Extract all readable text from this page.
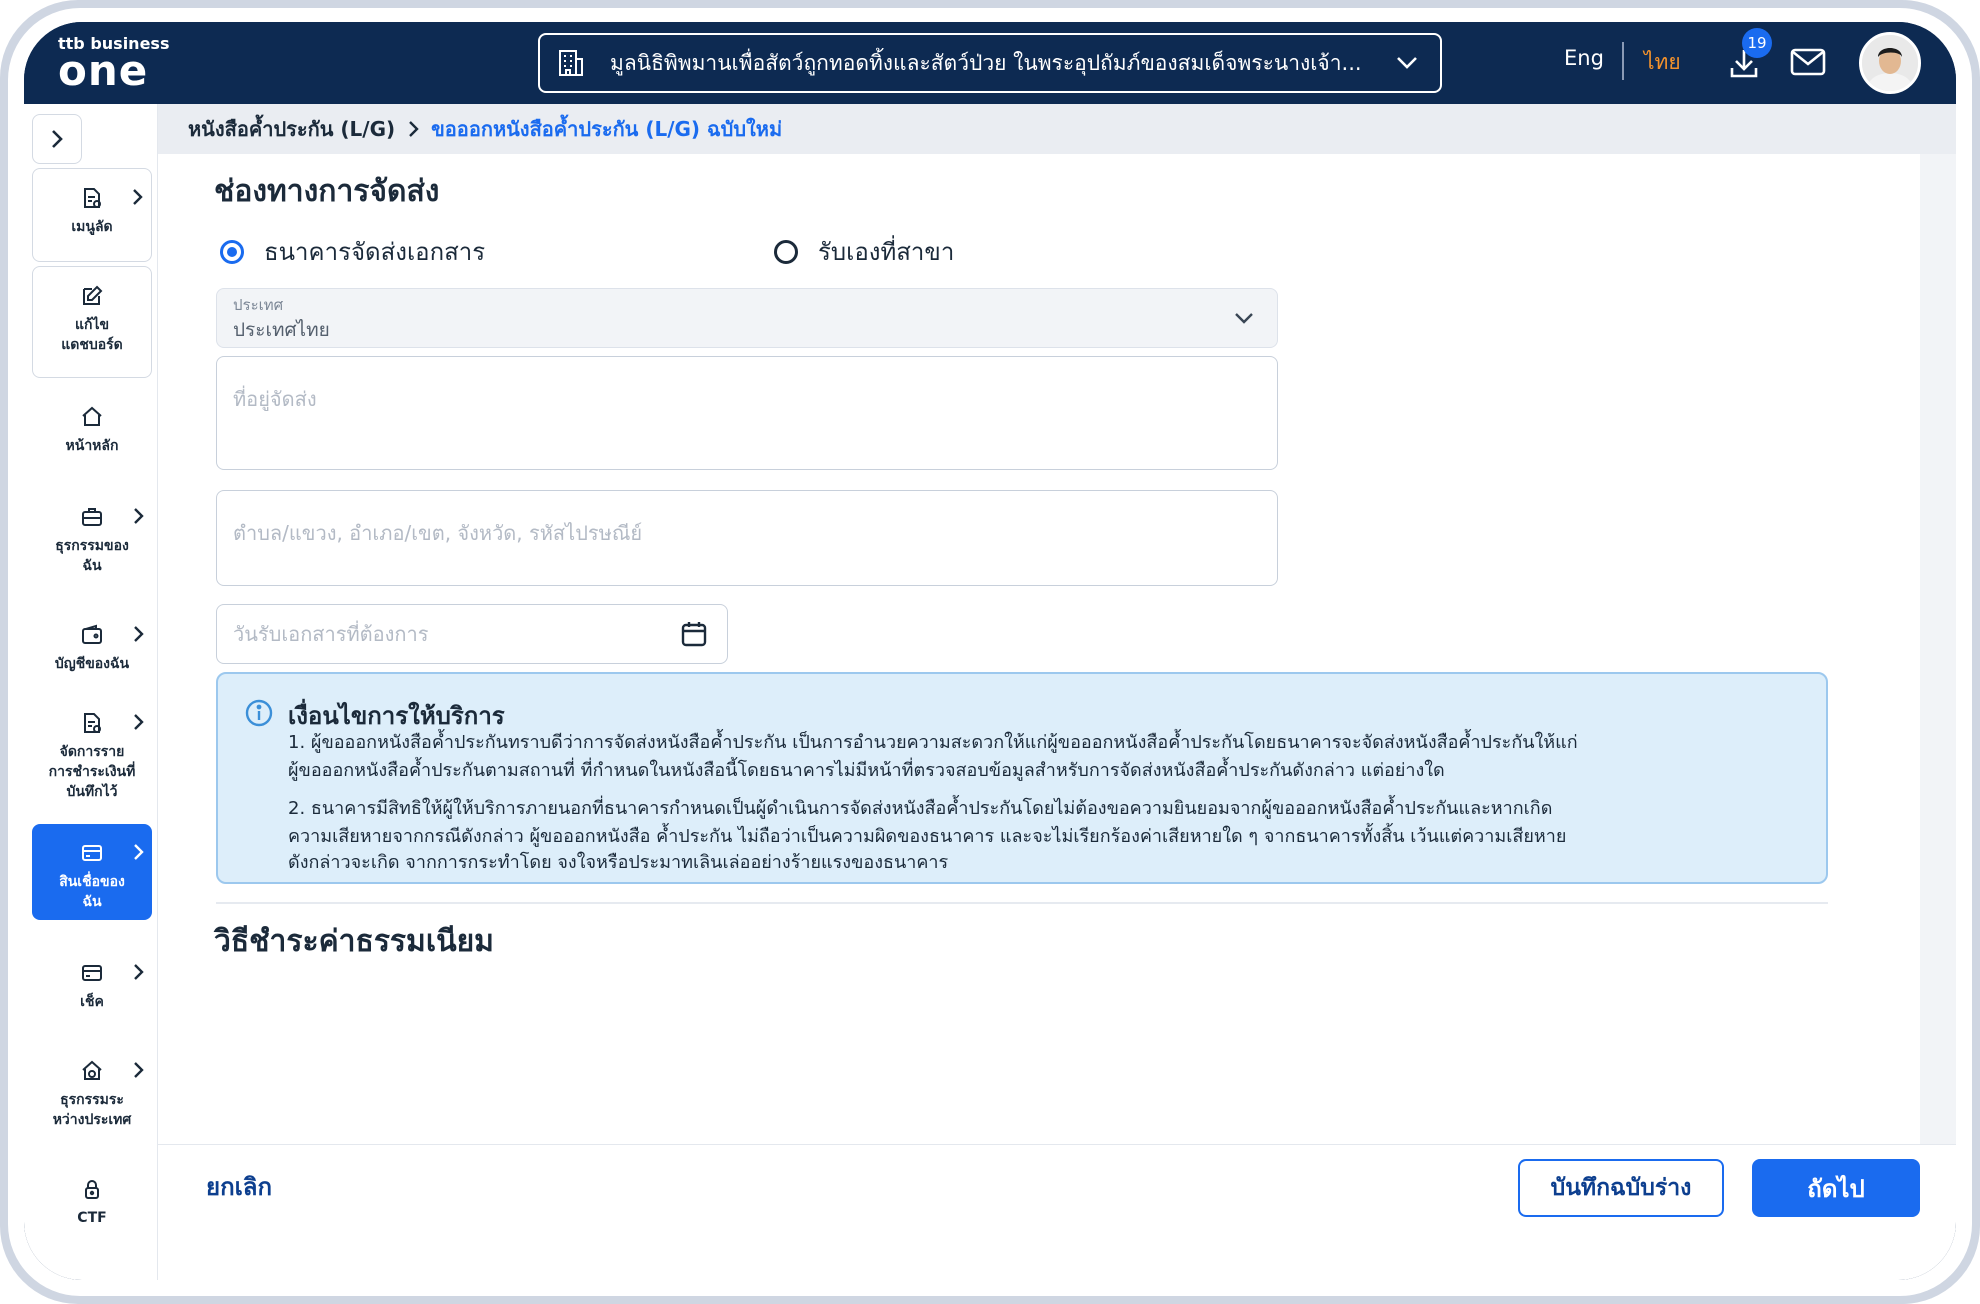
ttb business
one	มูลนิธิพิพมานเพื่อสัตว์ถูกทอดทิ้งและสัตว์ป่วย ในพระอุปถัมภ์ของสมเด็จพระนางเจ้า...	Eng ไทย
19
เมนูลัด
แก้ไข
แดชบอร์ด
หน้าหลัก
ธุรกรรมของ
ฉัน
บัญชีของฉัน
จัดการราย
การชำระเงินที่
บันทึกไว้
สินเชื่อของ
ฉัน
เช็ค
ธุรกรรมระ
หว่างประเทศ
CTF
หนังสือค้ำประกัน (L/G) ขอออกหนังสือค้ำประกัน (L/G) ฉบับใหม่
ช่องทางการจัดส่ง
ธนาคารจัดส่งเอกสาร	รับเองที่สาขา
ประเทศ
ประเทศไทย
ที่อยู่จัดส่ง
ตำบล/แขวง, อำเภอ/เขต, จังหวัด, รหัสไปรษณีย์
วันรับเอกสารที่ต้องการ
เงื่อนไขการให้บริการ
1. ผู้ขอออกหนังสือค้ำประกันทราบดีว่าการจัดส่งหนังสือค้ำประกัน เป็นการอำนวยความสะดวกให้แก่ผู้ขอออกหนังสือค้ำประกันโดยธนาคารจะจัดส่งหนังสือค้ำประกันให้แก่
ผู้ขอออกหนังสือค้ำประกันตามสถานที่ ที่กำหนดในหนังสือนี้โดยธนาคารไม่มีหน้าที่ตรวจสอบข้อมูลสำหรับการจัดส่งหนังสือค้ำประกันดังกล่าว แต่อย่างใด
2. ธนาคารมีสิทธิให้ผู้ให้บริการภายนอกที่ธนาคารกำหนดเป็นผู้ดำเนินการจัดส่งหนังสือค้ำประกันโดยไม่ต้องขอความยินยอมจากผู้ขอออกหนังสือค้ำประกันและหากเกิด
ความเสียหายจากกรณีดังกล่าว ผู้ขอออกหนังสือ ค้ำประกัน ไม่ถือว่าเป็นความผิดของธนาคาร และจะไม่เรียกร้องค่าเสียหายใด ๆ จากธนาคารทั้งสิ้น เว้นแต่ความเสียหาย
ดังกล่าวจะเกิด จากการกระทำโดย จงใจหรือประมาทเลินเล่ออย่างร้ายแรงของธนาคาร
วิธีชำระค่าธรรมเนียม
ยกเลิก	บันทึกฉบับร่าง	ถัดไป
